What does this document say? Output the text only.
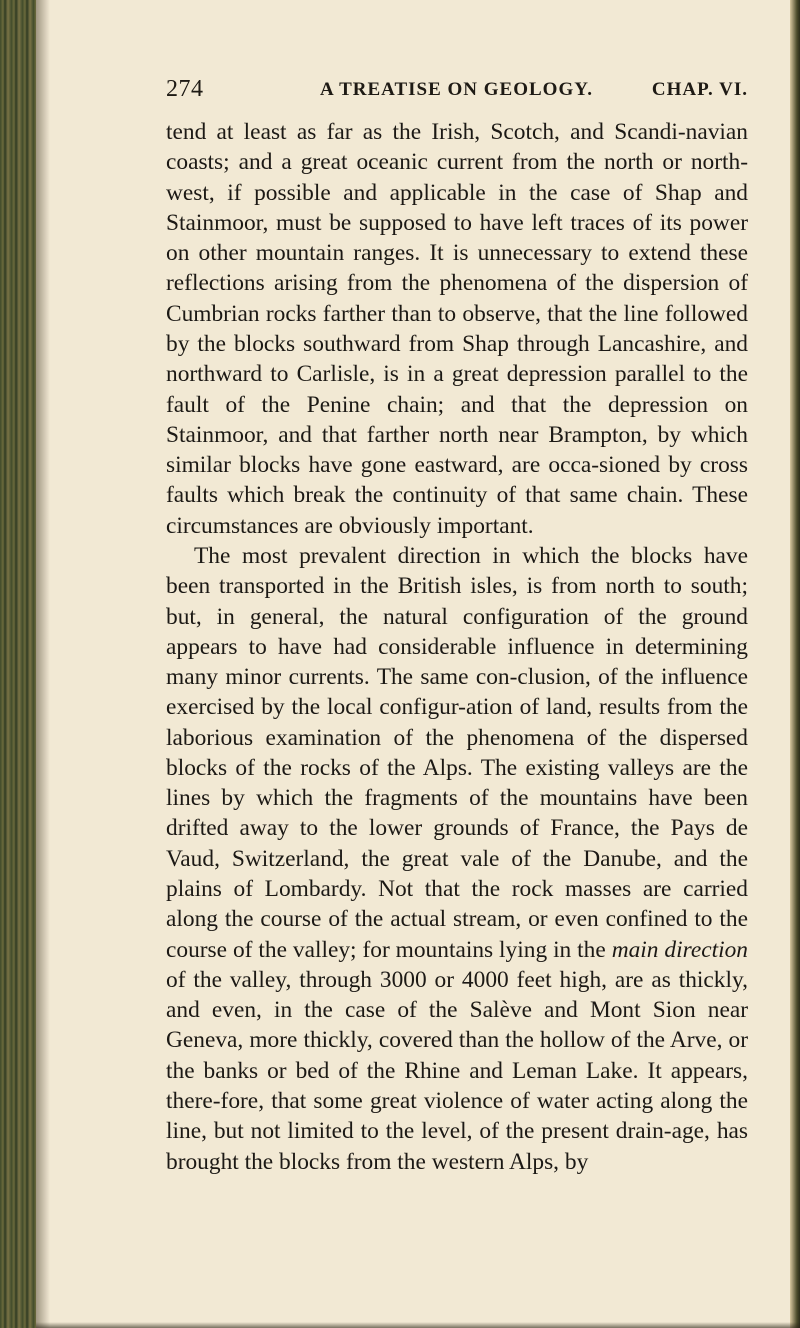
274	A TREATISE ON GEOLOGY.	CHAP. VI.

tend at least as far as the Irish, Scotch, and Scandi-navian coasts; and a great oceanic current from the north or north-west, if possible and applicable in the case of Shap and Stainmoor, must be supposed to have left traces of its power on other mountain ranges. It is unnecessary to extend these reflections arising from the phenomena of the dispersion of Cumbrian rocks farther than to observe, that the line followed by the blocks southward from Shap through Lancashire, and northward to Carlisle, is in a great depression parallel to the fault of the Penine chain; and that the depression on Stainmoor, and that farther north near Brampton, by which similar blocks have gone eastward, are occa-sioned by cross faults which break the continuity of that same chain. These circumstances are obviously important.

The most prevalent direction in which the blocks have been transported in the British isles, is from north to south; but, in general, the natural configuration of the ground appears to have had considerable influence in determining many minor currents. The same con-clusion, of the influence exercised by the local configur-ation of land, results from the laborious examination of the phenomena of the dispersed blocks of the rocks of the Alps. The existing valleys are the lines by which the fragments of the mountains have been drifted away to the lower grounds of France, the Pays de Vaud, Switzerland, the great vale of the Danube, and the plains of Lombardy. Not that the rock masses are carried along the course of the actual stream, or even confined to the course of the valley; for mountains lying in the main direction of the valley, through 3000 or 4000 feet high, are as thickly, and even, in the case of the Salève and Mont Sion near Geneva, more thickly, covered than the hollow of the Arve, or the banks or bed of the Rhine and Leman Lake. It appears, there-fore, that some great violence of water acting along the line, but not limited to the level, of the present drain-age, has brought the blocks from the western Alps, by
